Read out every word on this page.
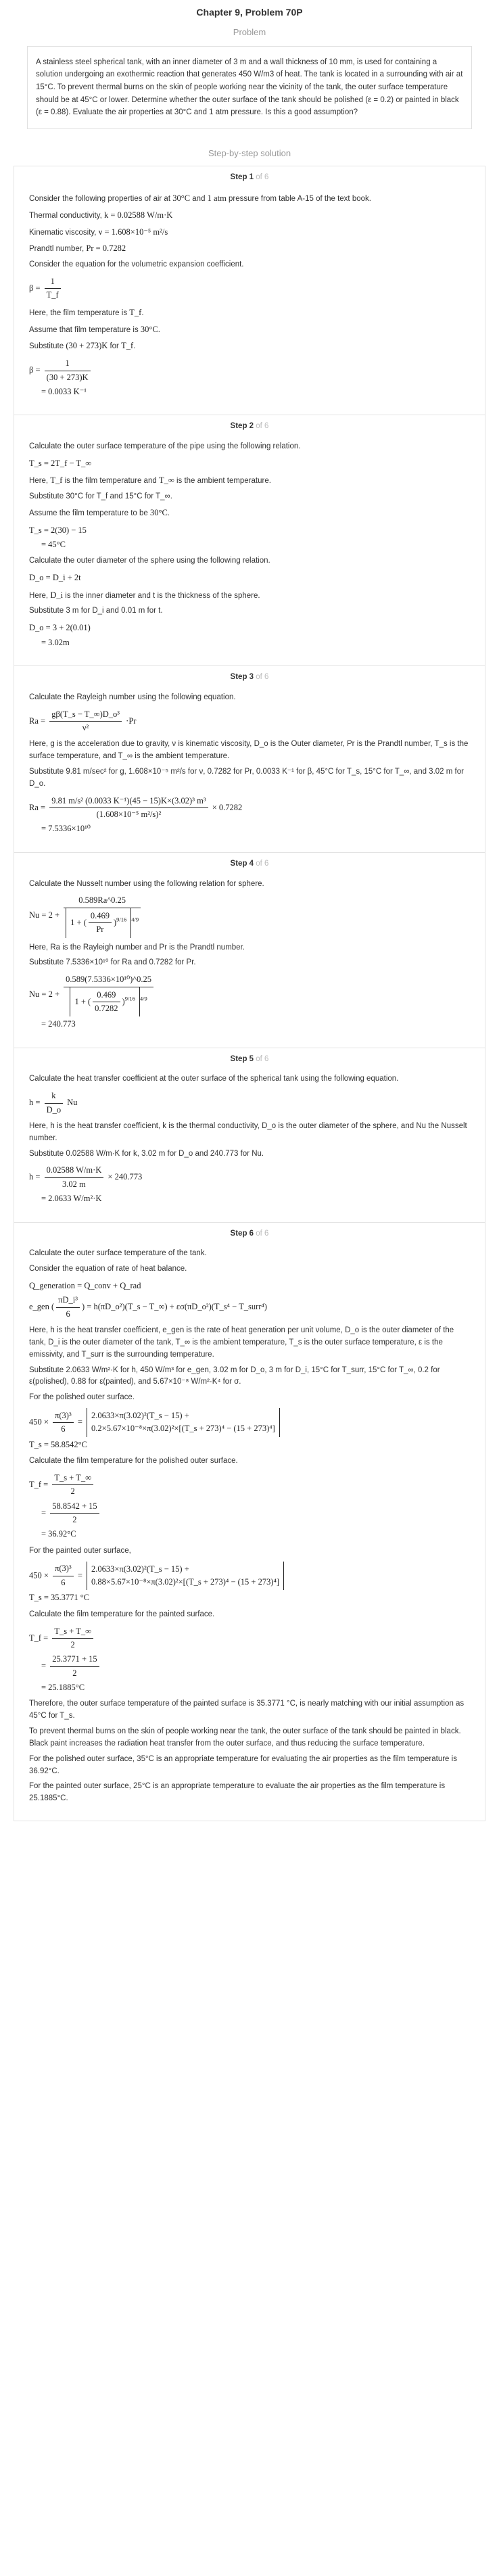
Chapter 9, Problem 70P
Problem
A stainless steel spherical tank, with an inner diameter of 3 m and a wall thickness of 10 mm, is used for containing a solution undergoing an exothermic reaction that generates 450 W/m3 of heat. The tank is located in a surrounding with air at 15°C. To prevent thermal burns on the skin of people working near the vicinity of the tank, the outer surface temperature should be at 45°C or lower. Determine whether the outer surface of the tank should be polished (ε = 0.2) or painted in black (ε = 0.88). Evaluate the air properties at 30°C and 1 atm pressure. Is this a good assumption?
Step-by-step solution
Step 1 of 6

Consider the following properties of air at 30°C and 1 atm pressure from table A-15 of the text book.

Thermal conductivity, k = 0.02588 W/m·K

Kinematic viscosity, ν = 1.608×10⁻⁵ m²/s

Prandtl number, Pr = 0.7282

Consider the equation for the volumetric expansion coefficient.

$\beta = \frac{1}{T\_f}$

Here, the film temperature is T_f.

Assume that film temperature is 30°C.

Substitute (30 + 273)K for T_f.

$\beta = \frac{1}{(30 + 273)K}$
= 0.0033 K⁻¹
Step 2 of 6

Calculate the outer surface temperature of the pipe using the following relation.

T_s = 2T_f − T_∞

Here, T_f is the film temperature and T_∞ is the ambient temperature.

Substitute 30°C for T_f and 15°C for T_∞.

Assume the film temperature to be 30°C.

T_s = 2(30) − 15
= 45°C

Calculate the outer diameter of the sphere using the following relation.

D_o = D_i + 2t

Here, D_i is the inner diameter and t is the thickness of the sphere.

Substitute 3 m for D_i and 0.01 m for t.

D_o = 3 + 2(0.01)
= 3.02m
Step 3 of 6

Calculate the Rayleigh number using the following equation.

$Ra = \frac{\text{gβ(T\_s − T\_∞)D\_o³}}{\text{ν²}} \cdot Pr$

Here, g is the acceleration due to gravity, ν is kinematic viscosity, D_o is the Outer diameter, Pr is the Prandtl number, T_s is the surface temperature, and T_∞ is the ambient temperature.

Substitute 9.81 m/sec² for g, 1.608×10⁻⁵ m²/s for ν, 0.7282 for Pr, 0.0033 K⁻¹ for β, 45°C for T_s, 15°C for T_∞, and 3.02 m for D_o.

$Ra = \frac{\text{9.81 m/s² (0.0033 K⁻¹)(45 − 15)K×(3.02)³ m³}}{\text{(1.608×10⁻⁵ m²/s)²}} \times 0.7282$
= 7.5336×10¹⁰
Step 4 of 6

Calculate the Nusselt number using the following relation for sphere.

$Nu = 2 + \frac{0.589Ra\^{}0.25}{1 + ( \frac{0.469}{Pr} )^{9/16} ^{4/9}}$

Here, Ra is the Rayleigh number and Pr is the Prandtl number.

Substitute 7.5336×10¹⁰ for Ra and 0.7282 for Pr.

$Nu = 2 + \frac{\text{0.589(7.5336×10¹⁰)\textasciicircum{}0.25}}{1 + ( \frac{0.469}{0.7282} )^{9/16} ^{4/9}}$
= 240.773
Step 5 of 6

Calculate the heat transfer coefficient at the outer surface of the spherical tank using the following equation.

$h = \frac{k}{D\_o}$ Nu

Here, h is the heat transfer coefficient, k is the thermal conductivity, D_o is the outer diameter of the sphere, and Nu the Nusselt number.

Substitute 0.02588 W/m·K for k, 3.02 m for D_o and 240.773 for Nu.

$h = \frac{0.02588 W/m\cdot K}{3.02 m} \times 240.773$
= 2.0633 W/m²·K
Step 6 of 6

Calculate the outer surface temperature of the tank.

Consider the equation of rate of heat balance.

Q_generation = Q_conv + Q_rad
e_gen ( $\frac{\text{πD\_i³}}{6}$ ) = h(πD_o²)(T_s − T_∞) + εσ(πD_o²)(T_s⁴ − T_surr⁴)

Here, h is the heat transfer coefficient, e_gen is the rate of heat generation per unit volume, D_o is the outer diameter of the tank, D_i is the outer diameter of the tank, T_∞ is the ambient temperature, T_s is the outer surface temperature, ε is the emissivity, and T_surr is the surrounding temperature.

Substitute 2.0633 W/m²·K for h, 450 W/m³ for e_gen, 3.02 m for D_o, 3 m for D_i, 15°C for T_surr, 15°C for T_∞, 0.2 for ε(polished), 0.88 for ε(painted), and 5.67×10⁻⁸ W/m²·K⁴ for σ.

For the polished outer surface.

$450 \times \frac{\text{π(3)³}}{6}$ =
2.0633×π(3.02)²(T_s − 15) +
0.2×5.67×10⁻⁸×π(3.02)²×[(T_s + 273)⁴ − (15 + 273)⁴]
T_s = 58.8542°C

Calculate the film temperature for the polished outer surface.

T_f = $\frac{T\_s + T\_\infty}{2}$
= $\frac{58.8542 + 15}{2}$
= 36.92°C

For the painted outer surface,

$450 \times \frac{\text{π(3)³}}{6}$ =
2.0633×π(3.02)²(T_s − 15) +
0.88×5.67×10⁻⁸×π(3.02)²×[(T_s + 273)⁴ − (15 + 273)⁴]
T_s = 35.3771 °C

Calculate the film temperature for the painted surface.

T_f = $\frac{T\_s + T\_\infty}{2}$
= $\frac{25.3771 + 15}{2}$
= 25.1885°C

Therefore, the outer surface temperature of the painted surface is 35.3771 °C, is nearly matching with our initial assumption as 45°C for T_s.

To prevent thermal burns on the skin of people working near the tank, the outer surface of the tank should be painted in black. Black paint increases the radiation heat transfer from the outer surface, and thus reducing the surface temperature.

For the polished outer surface, 35°C is an appropriate temperature for evaluating the air properties as the film temperature is 36.92°C.

For the painted outer surface, 25°C is an appropriate temperature to evaluate the air properties as the film temperature is 25.1885°C.
